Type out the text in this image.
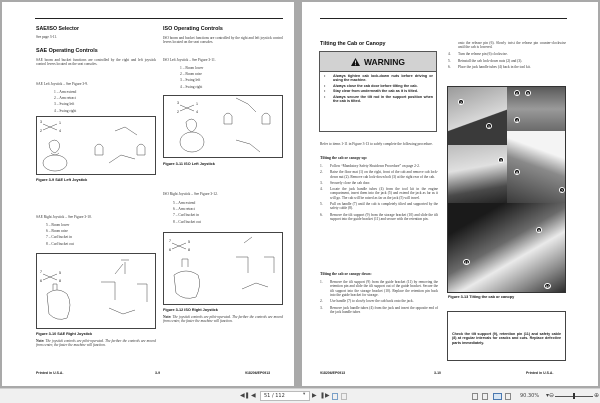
SAE/ISO Selector
See page 3-11.
SAE Operating Controls
SAE boom and bucket functions are controlled by the right and left joystick control levers located on the seat consoles.
SAE Left Joystick – See Figure 3-9.
1 – Arm extend
2 – Arm retract
3 – Swing left
4 – Swing right
3
2
1
4
Figure 3-9 SAE Left Joystick
SAE Right Joystick – See Figure 3-10.
5 – Boom lower
6 – Boom raise
7 – Curl bucket in
8 – Curl bucket out
7
6
5
8
Figure 3-10 SAE Right Joystick
Note: The joystick controls are pilot-operated. The farther the controls are moved from center, the faster the machine will function.
ISO Operating Controls
ISO boom and bucket functions are controlled by the right and left joystick control levers located on the seat consoles.
ISO Left Joystick – See Figure 3-11.
1 – Boom lower
2 – Boom raise
3 – Swing left
4 – Swing right
3
2
1
4
Figure 3-11 ISO Left Joystick
ISO Right Joystick – See Figure 3-12.
5 – Arm extend
6 – Arm retract
7 – Curl bucket in
8 – Curl bucket out
7
6
5
8
Figure 3-12 ISO Right Joystick
Note: The joystick controls are pilot-operated. The farther the controls are moved from center, the faster the machine will function.
Printed in U.S.A.	3-9	918206/EP0913
Tilting the Cab or Canopy
WARNING
• Always tighten cab lock-down nuts before driving or using the machine.
• Always close the cab door before tilting the cab.
• Stay clear from underneath the cab as it is tilted.
• Always secure the tilt rod in the support position when the cab is tilted.
Refer to items 1-11 in Figure 3-13 to safely complete the following procedure.
Tilting the cab or canopy up:
1. Follow “Mandatory Safety Shutdown Procedure” on page 2-2.
2. Raise the floor mat (1) on the right, front of the cab and remove cab lock-down nut (2). Remove cab lock-down bolt (3) at the right rear of the cab.
3. Securely close the cab door.
4. Locate the jack handle tubes (4) from the tool kit in the engine compartment, insert them into the jack (5) and extend the jack as far as it will go. The cab will be raised as far as the jack (5) will travel.
5. Pull on handle (7) until the cab is completely tilted and supported by the safety cable (8).
6. Remove the tilt support (9) from the storage bracket (10) and slide the tilt support into the guide bracket (11) and secure with the retention pin.
Tilting the cab or canopy down:
1. Remove the tilt support (9) from the guide bracket (11) by removing the retention pin and slide the tilt support out of the guide bracket. Secure the tilt support into the storage bracket (10). Replace the retention pin back into the guide bracket for storage.
2. Use handle (7) to slowly lower the cab back onto the jack.
3. Remove jack handle tubes (4) from the jack and insert the opposite end of the jack handle tubes
onto the release pin (6). Slowly twist the release pin counter-clockwise until the cab is lowered.
4. Turn the release pin (6) clockwise.
5. Reinstall the cab lock-down nuts (2) and (3).
6. Place the jack handle tubes (4) back in the tool kit.
1
2
3
4
5
6
7
8
9
10
11
Figure 3-13 Tilting the cab or canopy
Check the tilt support (9), retention pin (11) and safety cable (8) at regular intervals for cracks and cuts. Replace defective parts immediately.
918206/EP0913	3-10	Printed in U.S.A.
◀❚ ◀	51 / 112	▾ ▶ ❚▶	90.30% ▾ ⊖	⊕
